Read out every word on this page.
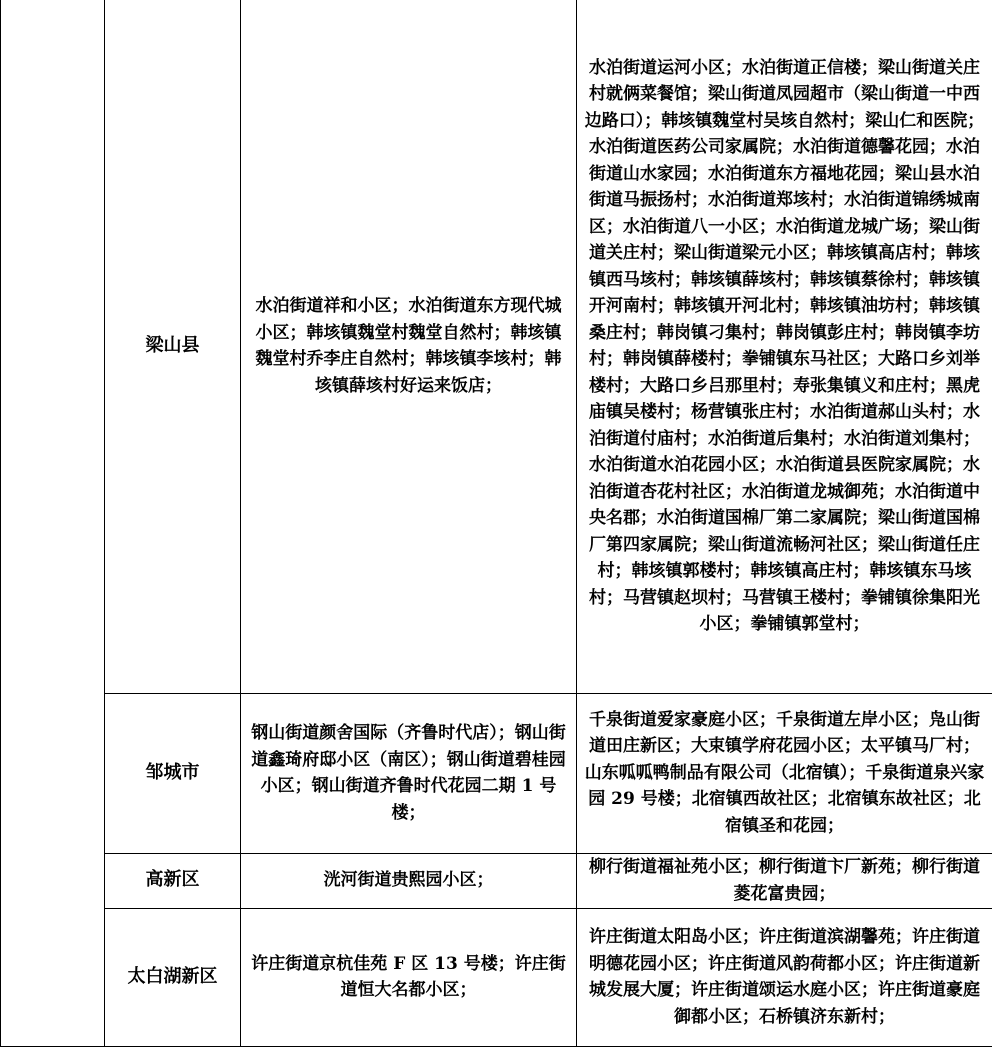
	梁山县	水泊街道祥和小区；水泊街道东方现代城小区；韩垓镇魏堂村魏堂自然村；韩垓镇魏堂村乔李庄自然村；韩垓镇李垓村；韩垓镇薛垓村好运来饭店；	水泊街道运河小区；水泊街道正信楼；梁山街道关庄村就俩菜餐馆；梁山街道凤园超市（梁山街道一中西边路口）；韩垓镇魏堂村吴垓自然村；梁山仁和医院；水泊街道医药公司家属院；水泊街道德馨花园；水泊街道山水家园；水泊街道东方福地花园；梁山县水泊街道马振扬村；水泊街道郑垓村；水泊街道锦绣城南区；水泊街道八一小区；水泊街道龙城广场；梁山街道关庄村；梁山街道梁元小区；韩垓镇高店村；韩垓镇西马垓村；韩垓镇薛垓村；韩垓镇蔡徐村；韩垓镇开河南村；韩垓镇开河北村；韩垓镇油坊村；韩垓镇桑庄村；韩岗镇刁集村；韩岗镇彭庄村；韩岗镇李坊村；韩岗镇薛楼村；拳铺镇东马社区；大路口乡刘举楼村；大路口乡吕那里村；寿张集镇义和庄村；黑虎庙镇吴楼村；杨营镇张庄村；水泊街道郝山头村；水泊街道付庙村；水泊街道后集村；水泊街道刘集村；水泊街道水泊花园小区；水泊街道县医院家属院；水泊街道杏花村社区；水泊街道龙城御苑；水泊街道中央名郡；水泊街道国棉厂第二家属院；梁山街道国棉厂第四家属院；梁山街道流畅河社区；梁山街道任庄村；韩垓镇郭楼村；韩垓镇高庄村；韩垓镇东马垓村；马营镇赵坝村；马营镇王楼村；拳铺镇徐集阳光小区；拳铺镇郭堂村；
	邹城市	钢山街道颜舍国际（齐鲁时代店）；钢山街道鑫琦府邸小区（南区）；钢山街道碧桂园小区；钢山街道齐鲁时代花园二期 1 号楼；	千泉街道爱家豪庭小区；千泉街道左岸小区；凫山街道田庄新区；大束镇学府花园小区；太平镇马厂村；山东呱呱鸭制品有限公司（北宿镇）；千泉街道泉兴家园 29 号楼；北宿镇西故社区；北宿镇东故社区；北宿镇圣和花园；
	高新区	洸河街道贵熙园小区；	柳行街道福祉苑小区；柳行街道卞厂新苑；柳行街道菱花富贵园；
	太白湖新区	许庄街道京杭佳苑 F 区 13 号楼；许庄街道恒大名都小区；	许庄街道太阳岛小区；许庄街道滨湖馨苑；许庄街道明德花园小区；许庄街道风韵荷都小区；许庄街道新城发展大厦；许庄街道颂运水庭小区；许庄街道豪庭御都小区；石桥镇济东新村；
